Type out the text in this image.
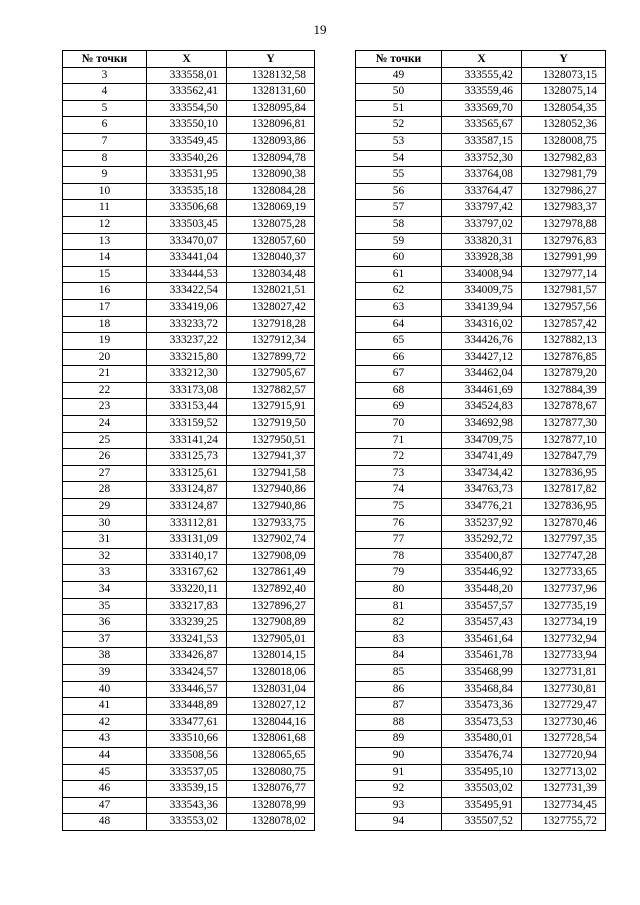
19
№ точки	X	Y
3	333558,01	1328132,58
4	333562,41	1328131,60
5	333554,50	1328095,84
6	333550,10	1328096,81
7	333549,45	1328093,86
8	333540,26	1328094,78
9	333531,95	1328090,38
10	333535,18	1328084,28
11	333506,68	1328069,19
12	333503,45	1328075,28
13	333470,07	1328057,60
14	333441,04	1328040,37
15	333444,53	1328034,48
16	333422,54	1328021,51
17	333419,06	1328027,42
18	333233,72	1327918,28
19	333237,22	1327912,34
20	333215,80	1327899,72
21	333212,30	1327905,67
22	333173,08	1327882,57
23	333153,44	1327915,91
24	333159,52	1327919,50
25	333141,24	1327950,51
26	333125,73	1327941,37
27	333125,61	1327941,58
28	333124,87	1327940,86
29	333124,87	1327940,86
30	333112,81	1327933,75
31	333131,09	1327902,74
32	333140,17	1327908,09
33	333167,62	1327861,49
34	333220,11	1327892,40
35	333217,83	1327896,27
36	333239,25	1327908,89
37	333241,53	1327905,01
38	333426,87	1328014,15
39	333424,57	1328018,06
40	333446,57	1328031,04
41	333448,89	1328027,12
42	333477,61	1328044,16
43	333510,66	1328061,68
44	333508,56	1328065,65
45	333537,05	1328080,75
46	333539,15	1328076,77
47	333543,36	1328078,99
48	333553,02	1328078,02
№ точки	X	Y
49	333555,42	1328073,15
50	333559,46	1328075,14
51	333569,70	1328054,35
52	333565,67	1328052,36
53	333587,15	1328008,75
54	333752,30	1327982,83
55	333764,08	1327981,79
56	333764,47	1327986,27
57	333797,42	1327983,37
58	333797,02	1327978,88
59	333820,31	1327976,83
60	333928,38	1327991,99
61	334008,94	1327977,14
62	334009,75	1327981,57
63	334139,94	1327957,56
64	334316,02	1327857,42
65	334426,76	1327882,13
66	334427,12	1327876,85
67	334462,04	1327879,20
68	334461,69	1327884,39
69	334524,83	1327878,67
70	334692,98	1327877,30
71	334709,75	1327877,10
72	334741,49	1327847,79
73	334734,42	1327836,95
74	334763,73	1327817,82
75	334776,21	1327836,95
76	335237,92	1327870,46
77	335292,72	1327797,35
78	335400,87	1327747,28
79	335446,92	1327733,65
80	335448,20	1327737,96
81	335457,57	1327735,19
82	335457,43	1327734,19
83	335461,64	1327732,94
84	335461,78	1327733,94
85	335468,99	1327731,81
86	335468,84	1327730,81
87	335473,36	1327729,47
88	335473,53	1327730,46
89	335480,01	1327728,54
90	335476,74	1327720,94
91	335495,10	1327713,02
92	335503,02	1327731,39
93	335495,91	1327734,45
94	335507,52	1327755,72
